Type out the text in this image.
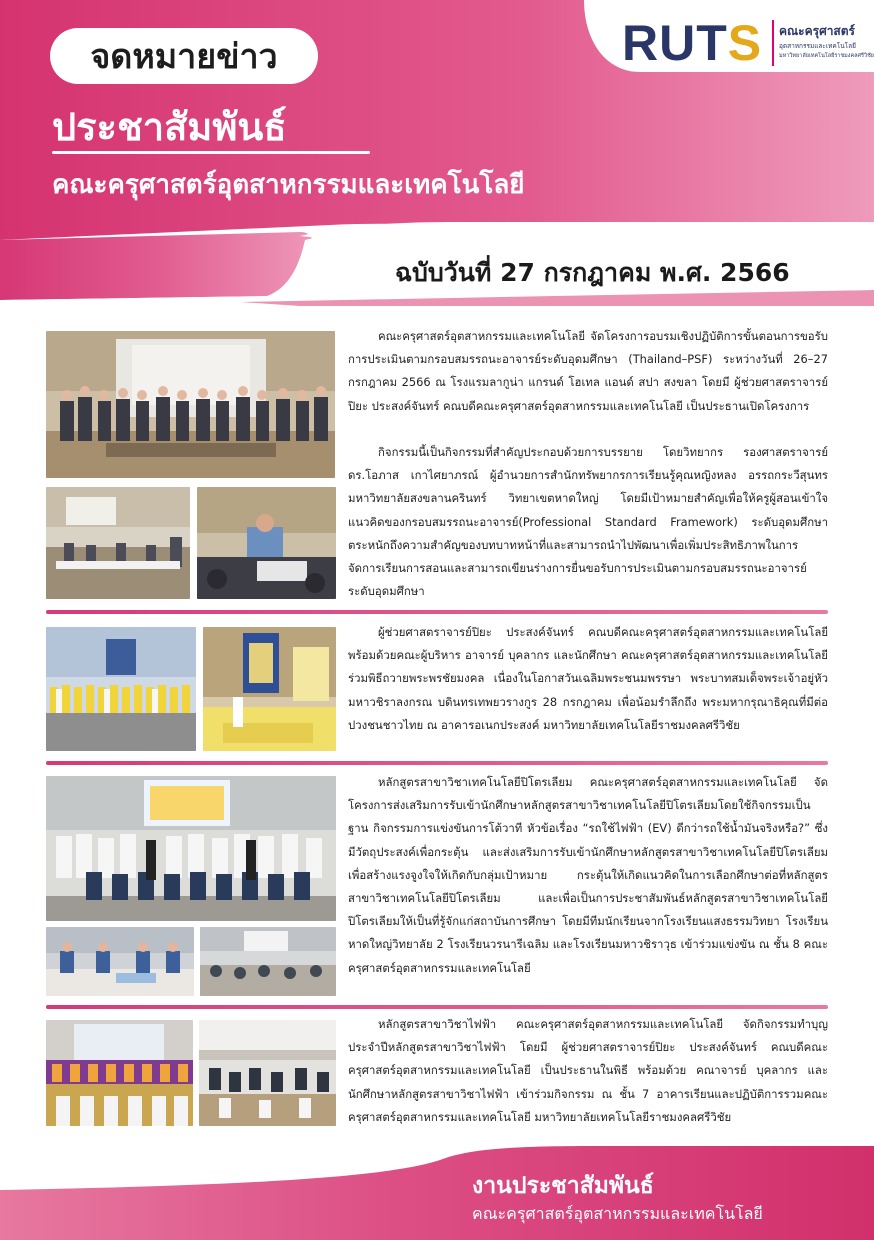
จดหมายข่าว
ประชาสัมพันธ์
คณะครุศาสตร์อุตสาหกรรมและเทคโนโลยี
ฉบับวันที่ 27 กรกฎาคม พ.ศ. 2566
RUTS คณะครุศาสตร์
อุตสาหกรรมและเทคโนโลยี
มหาวิทยาลัยเทคโนโลยีราชมงคลศรีวิชัย
คณะครุศาสตร์อุตสาหกรรมและเทคโนโลยี จัดโครงการอบรมเชิงปฏิบัติการขั้นตอนการขอรับการประเมินตามกรอบสมรรถนะอาจารย์ระดับอุดมศึกษา (Thailand–PSF) ระหว่างวันที่ 26–27 กรกฎาคม 2566 ณ โรงแรมลากูน่า แกรนด์ โฮเทล แอนด์ สปา สงขลา โดยมี ผู้ช่วยศาสตราจารย์ปิยะ ประสงค์จันทร์ คณบดีคณะครุศาสตร์อุตสาหกรรมและเทคโนโลยี เป็นประธานเปิดโครงการ
กิจกรรมนี้เป็นกิจกรรมที่สำคัญประกอบด้วยการบรรยาย โดยวิทยากร รองศาสตราจารย์ ดร.โอภาส เกาไศยาภรณ์ ผู้อำนวยการสำนักทรัพยากรการเรียนรู้คุณหญิงหลง อรรถกระวีสุนทร มหาวิทยาลัยสงขลานครินทร์ วิทยาเขตหาดใหญ่ โดยมีเป้าหมายสำคัญเพื่อให้ครูผู้สอนเข้าใจแนวคิดของกรอบสมรรถนะอาจารย์(Professional Standard Framework) ระดับอุดมศึกษาตระหนักถึงความสำคัญของบทบาทหน้าที่และสามารถนำไปพัฒนาเพื่อเพิ่มประสิทธิภาพในการจัดการเรียนการสอนและสามารถเขียนร่างการยื่นขอรับการประเมินตามกรอบสมรรถนะอาจารย์ระดับอุดมศึกษา
ผู้ช่วยศาสตราจารย์ปิยะ ประสงค์จันทร์ คณบดีคณะครุศาสตร์อุตสาหกรรมและเทคโนโลยี พร้อมด้วยคณะผู้บริหาร อาจารย์ บุคลากร และนักศึกษา คณะครุศาสตร์อุตสาหกรรมและเทคโนโลยี ร่วมพิธีถวายพระพรชัยมงคล เนื่องในโอกาสวันเฉลิมพระชนมพรรษา พระบาทสมเด็จพระเจ้าอยู่หัวมหาวชิราลงกรณ บดินทรเทพยวรางกูร 28 กรกฎาคม เพื่อน้อมรำลึกถึง พระมหากรุณาธิคุณที่มีต่อปวงชนชาวไทย ณ อาคารอเนกประสงค์ มหาวิทยาลัยเทคโนโลยีราชมงคลศรีวิชัย
หลักสูตรสาขาวิชาเทคโนโลยีปิโตรเลียม คณะครุศาสตร์อุตสาหกรรมและเทคโนโลยี จัดโครงการส่งเสริมการรับเข้านักศึกษาหลักสูตรสาขาวิชาเทคโนโลยีปิโตรเลียมโดยใช้กิจกรรมเป็นฐาน กิจกรรมการแข่งขันการโต้วาที หัวข้อเรื่อง “รถใช้ไฟฟ้า (EV) ดีกว่ารถใช้น้ำมันจริงหรือ?” ซึ่งมีวัตถุประสงค์เพื่อกระตุ้น และส่งเสริมการรับเข้านักศึกษาหลักสูตรสาขาวิชาเทคโนโลยีปิโตรเลียม เพื่อสร้างแรงจูงใจให้เกิดกับกลุ่มเป้าหมาย กระตุ้นให้เกิดแนวคิดในการเลือกศึกษาต่อที่หลักสูตรสาขาวิชาเทคโนโลยีปิโตรเลียม และเพื่อเป็นการประชาสัมพันธ์หลักสูตรสาขาวิชาเทคโนโลยีปิโตรเลียมให้เป็นที่รู้จักแก่สถาบันการศึกษา โดยมีทีมนักเรียนจากโรงเรียนแสงธรรมวิทยา โรงเรียนหาดใหญ่วิทยาลัย 2 โรงเรียนวรนารีเฉลิม และโรงเรียนมหาวชิราวุธ เข้าร่วมแข่งขัน ณ ชั้น 8 คณะครุศาสตร์อุตสาหกรรมและเทคโนโลยี
หลักสูตรสาขาวิชาไฟฟ้า คณะครุศาสตร์อุตสาหกรรมและเทคโนโลยี จัดกิจกรรมทำบุญประจำปีหลักสูตรสาขาวิชาไฟฟ้า โดยมี ผู้ช่วยศาสตราจารย์ปิยะ ประสงค์จันทร์ คณบดีคณะครุศาสตร์อุตสาหกรรมและเทคโนโลยี เป็นประธานในพิธี พร้อมด้วย คณาจารย์ บุคลากร และนักศึกษาหลักสูตรสาขาวิชาไฟฟ้า เข้าร่วมกิจกรรม ณ ชั้น 7 อาคารเรียนและปฏิบัติการรวมคณะครุศาสตร์อุตสาหกรรมและเทคโนโลยี มหาวิทยาลัยเทคโนโลยีราชมงคลศรีวิชัย
งานประชาสัมพันธ์
คณะครุศาสตร์อุตสาหกรรมและเทคโนโลยี
